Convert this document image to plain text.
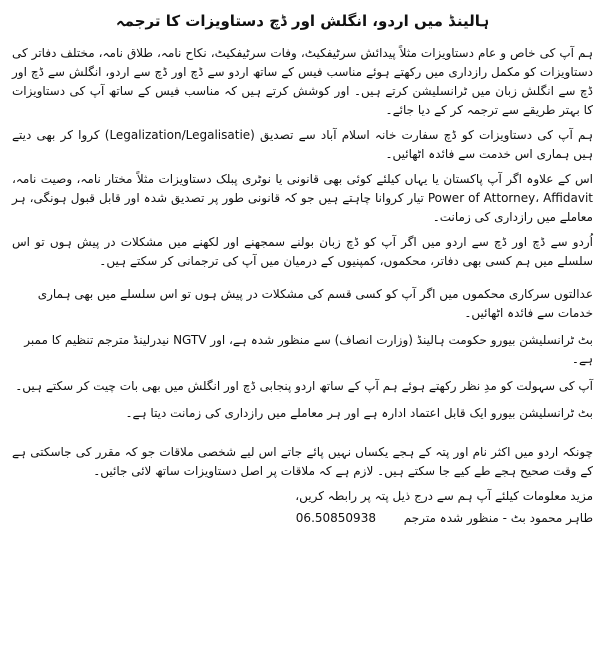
ہالینڈ میں اردو، انگلش اور ڈچ دستاویزات کا ترجمہ

ہم آپ کی خاص و عام دستاویزات مثلاً پیدائش سرٹیفکیٹ، وفات سرٹیفکیٹ، نکاح نامہ، طلاق نامہ، مختلف دفاتر کی دستاویزات کو مکمل رازداری میں رکھتے ہوئے مناسب فیس کے ساتھ اردو سے ڈچ اور ڈچ سے اردو، انگلش سے ڈچ اور ڈچ سے انگلش زبان میں ٹرانسلیشن کرتے ہیں۔ اور کوشش کرتے ہیں کہ مناسب فیس کے ساتھ آپ کی دستاویزات کا بہتر طریقے سے ترجمہ کر کے دیا جائے۔

ہم آپ کی دستاویزات کو ڈچ سفارت خانہ اسلام آباد سے تصدیق (Legalization/Legalisatie) کروا کر بھی دیتے ہیں ہماری اس خدمت سے فائدہ اٹھائیں۔

اس کے علاوہ اگر آپ پاکستان یا یہاں کیلئے کوئی بھی قانونی یا نوٹری پبلک دستاویزات مثلاً مختار نامہ، وصیت نامہ، Power of Attorney، Affidavit تیار کروانا چاہتے ہیں جو کہ قانونی طور پر تصدیق شدہ اور قابل قبول ہونگی، ہر معاملے میں رازداری کی زمانت۔

اُردو سے ڈچ اور ڈچ سے اردو میں اگر آپ کو ڈچ زبان بولنے سمجھنے اور لکھنے میں مشکلات در پیش ہوں تو اس سلسلے میں ہم کسی بھی دفاتر، محکموں، کمپنیوں کے درمیان میں آپ کی ترجمانی کر سکتے ہیں۔

عدالتوں سرکاری محکموں میں اگر آپ کو کسی قسم کی مشکلات در پیش ہوں تو اس سلسلے میں بھی ہماری خدمات سے فائدہ اٹھائیں۔

بٹ ٹرانسلیشن بیورو حکومت ہالینڈ (وزارت انصاف) سے منظور شدہ ہے، اور NGTV نیدرلینڈ مترجم تنظیم کا ممبر ہے۔

آپ کی سہولت کو مدِ نظر رکھتے ہوئے ہم آپ کے ساتھ اردو پنجابی ڈچ اور انگلش میں بھی بات چیت کر سکتے ہیں۔

بٹ ٹرانسلیشن بیورو ایک قابل اعتماد ادارہ ہے اور ہر معاملے میں رازداری کی زمانت دیتا ہے۔

چونکہ اردو میں اکثر نام اور پتہ کے ہجے یکساں نہیں پائے جاتے اس لیے شخصی ملاقات جو کہ مقرر کی جاسکتی ہے کے وقت صحیح ہجے طے کیے جا سکتے ہیں۔ لازم ہے کہ ملاقات پر اصل دستاویزات ساتھ لائی جائیں۔

مزید معلومات کیلئے آپ ہم سے درج ذیل پتہ پر رابطہ کریں،

طاہر محمود بٹ - منظور شدہ مترجم 06.50850938
